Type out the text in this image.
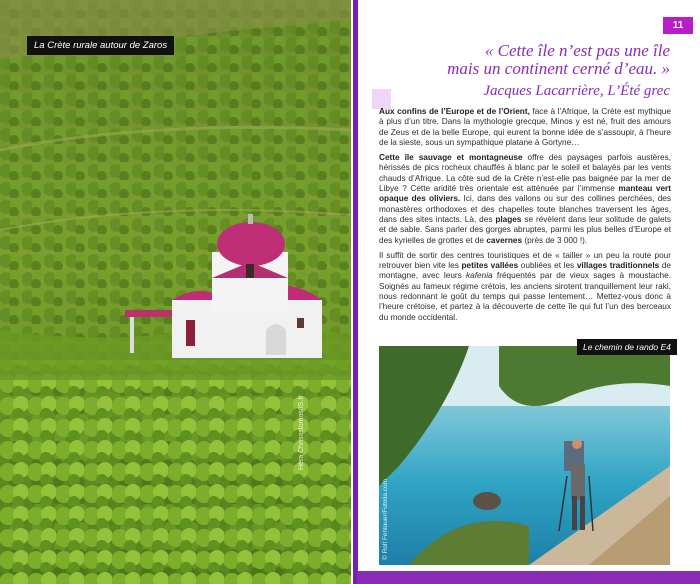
La Crète rurale autour de Zaros
Héra Chrisostomos/IS.fr
11
« Cette île n’est pas une île
mais un continent cerné d’eau. »
Jacques Lacarrière, L’Été grec

Aux confins de l’Europe et de l’Orient, face à l’Afrique, la Crète est mythique à plus d’un titre. Dans la mythologie grecque, Minos y est né, fruit des amours de Zeus et de la belle Europe, qui eurent la bonne idée de s’assoupir, à l’heure de la sieste, sous un sympathique platane à Gortyne…

Cette île sauvage et montagneuse offre des paysages parfois austères, hérissés de pics rocheux chauffés à blanc par le soleil et balayés par les vents chauds d’Afrique. La côte sud de la Crète n’est-elle pas baignée par la mer de Libye ? Cette aridité très orientale est atténuée par l’immense manteau vert opaque des oliviers. Ici, dans des vallons ou sur des collines perchées, des monastères orthodoxes et des chapelles toute blanches traversent les âges, dans des sites intacts. Là, des plages se révèlent dans leur solitude de galets et de sable. Sans parler des gorges abruptes, parmi les plus belles d’Europe et des kyrielles de grottes et de cavernes (près de 3 000 !).

Il suffit de sortir des centres touristiques et de « tailler » un peu la route pour retrouver bien vite les petites vallées oubliées et les villages traditionnels de montagne, avec leurs kafenia fréquentés par de vieux sages à moustache. Soignés au fameux régime crétois, les anciens sirotent tranquillement leur raki, nous redonnant le goût du temps qui passe lentement… Mettez-vous donc à l’heure crétoise, et partez à la découverte de cette île qui fut l’un des berceaux du monde occidental.

Le chemin de rando E4
© Rolf Fehlauer/Fotolia.com
